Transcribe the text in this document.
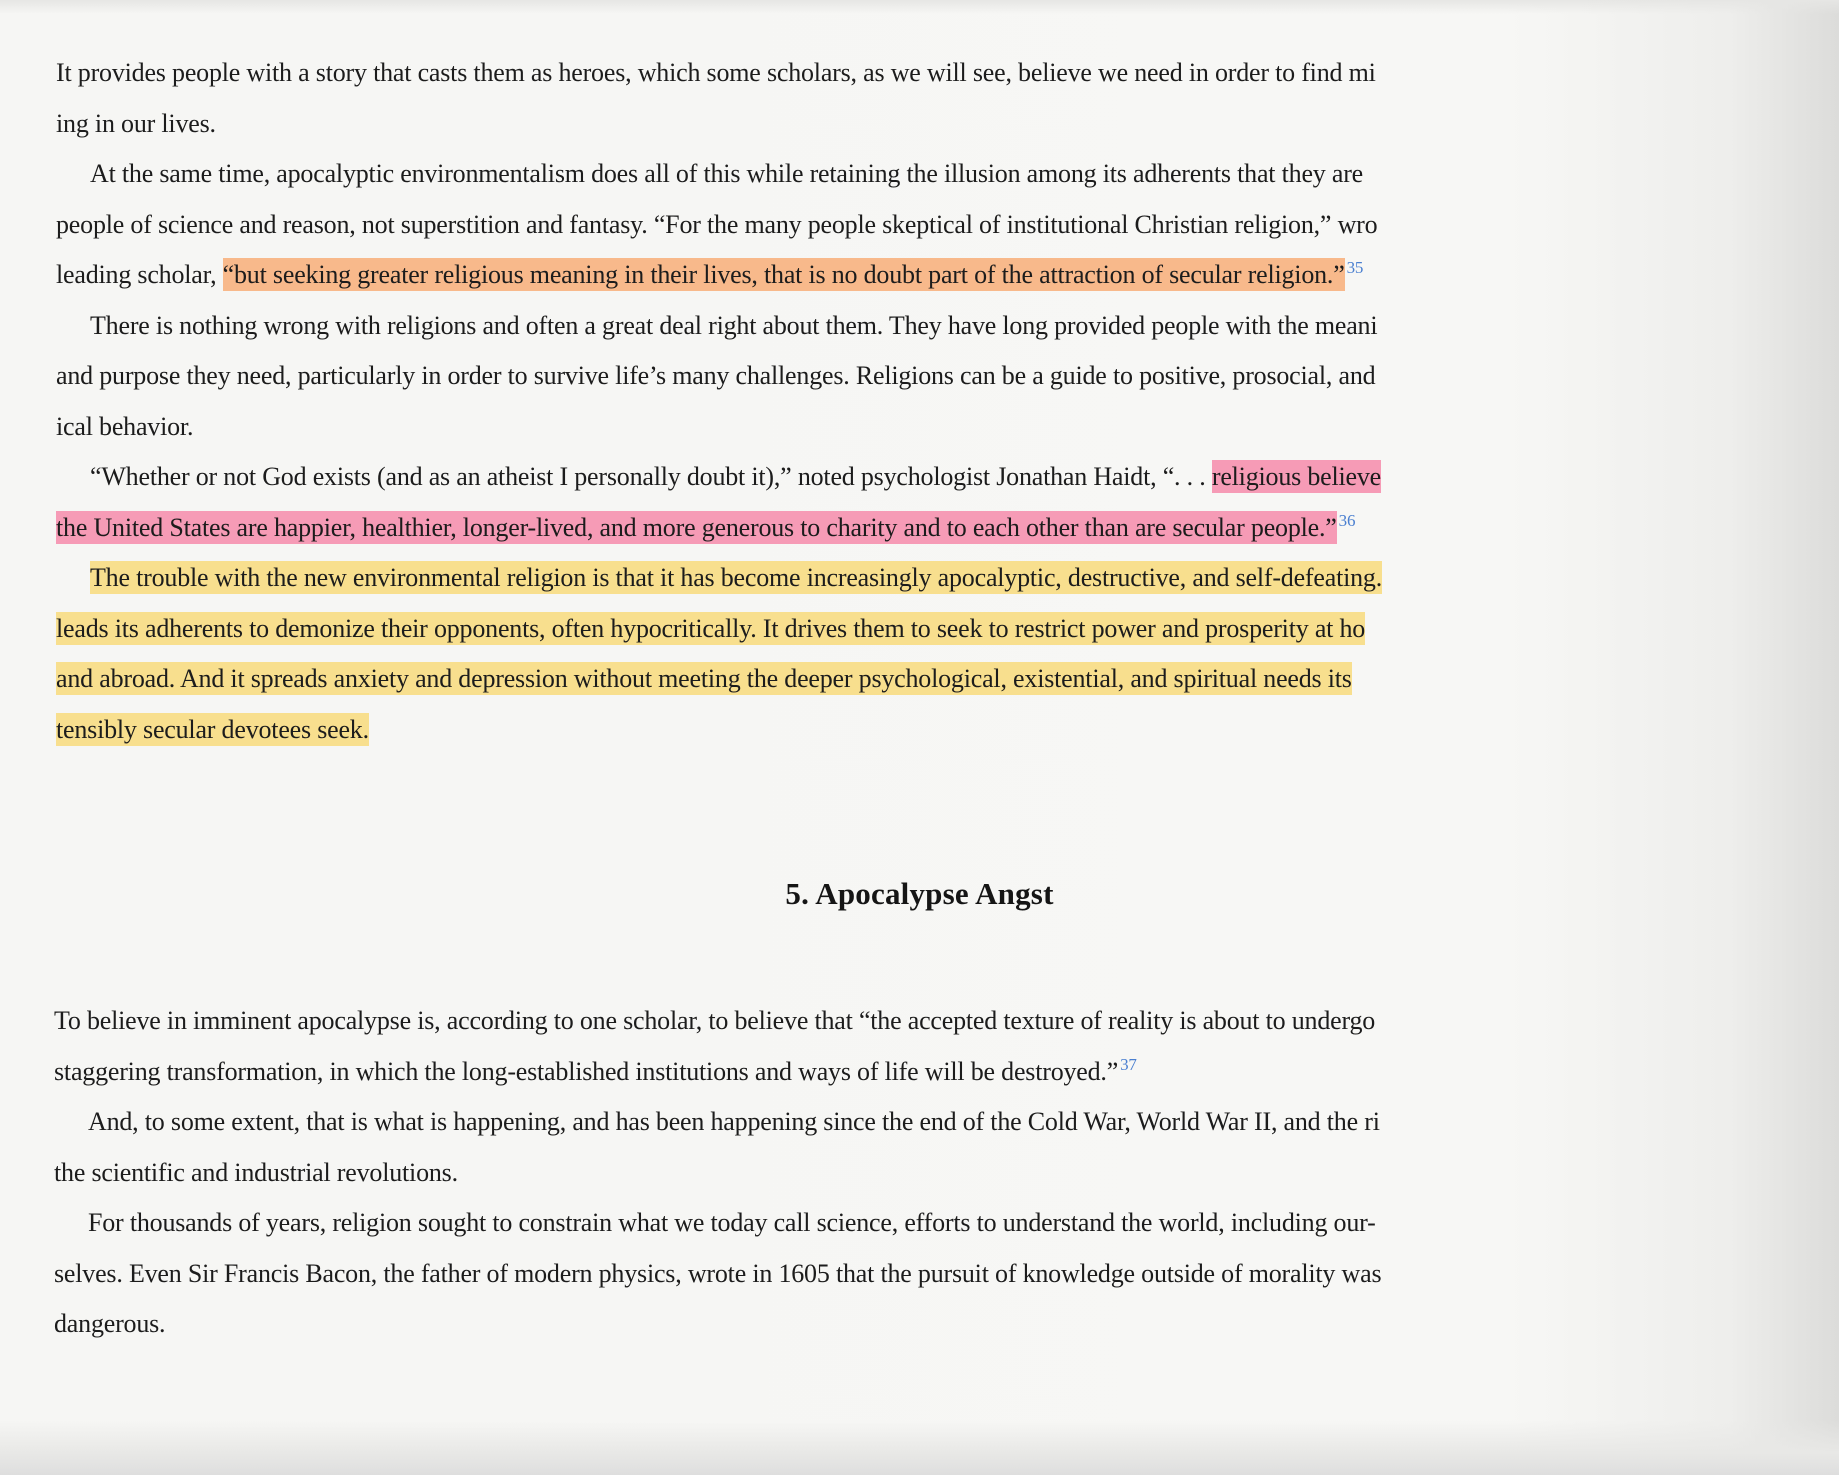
It provides people with a story that casts them as heroes, which some scholars, as we will see, believe we need in order to find mi
ing in our lives.

At the same time, apocalyptic environmentalism does all of this while retaining the illusion among its adherents that they are
people of science and reason, not superstition and fantasy. “For the many people skeptical of institutional Christian religion,” wro
leading scholar, “but seeking greater religious meaning in their lives, that is no doubt part of the attraction of secular religion.” $^{35}$

There is nothing wrong with religions and often a great deal right about them. They have long provided people with the meani
and purpose they need, particularly in order to survive life’s many challenges. Religions can be a guide to positive, prosocial, and
ical behavior.

“Whether or not God exists (and as an atheist I personally doubt it),” noted psychologist Jonathan Haidt, “. . . religious believe
the United States are happier, healthier, longer-lived, and more generous to charity and to each other than are secular people.” $^{36}$

The trouble with the new environmental religion is that it has become increasingly apocalyptic, destructive, and self-defeating.
leads its adherents to demonize their opponents, often hypocritically. It drives them to seek to restrict power and prosperity at ho
and abroad. And it spreads anxiety and depression without meeting the deeper psychological, existential, and spiritual needs its
tensibly secular devotees seek.

5. Apocalypse Angst

To believe in imminent apocalypse is, according to one scholar, to believe that “the accepted texture of reality is about to undergo
staggering transformation, in which the long-established institutions and ways of life will be destroyed.” $^{37}$

And, to some extent, that is what is happening, and has been happening since the end of the Cold War, World War II, and the ri
the scientific and industrial revolutions.

For thousands of years, religion sought to constrain what we today call science, efforts to understand the world, including our-
selves. Even Sir Francis Bacon, the father of modern physics, wrote in 1605 that the pursuit of knowledge outside of morality was
dangerous.
